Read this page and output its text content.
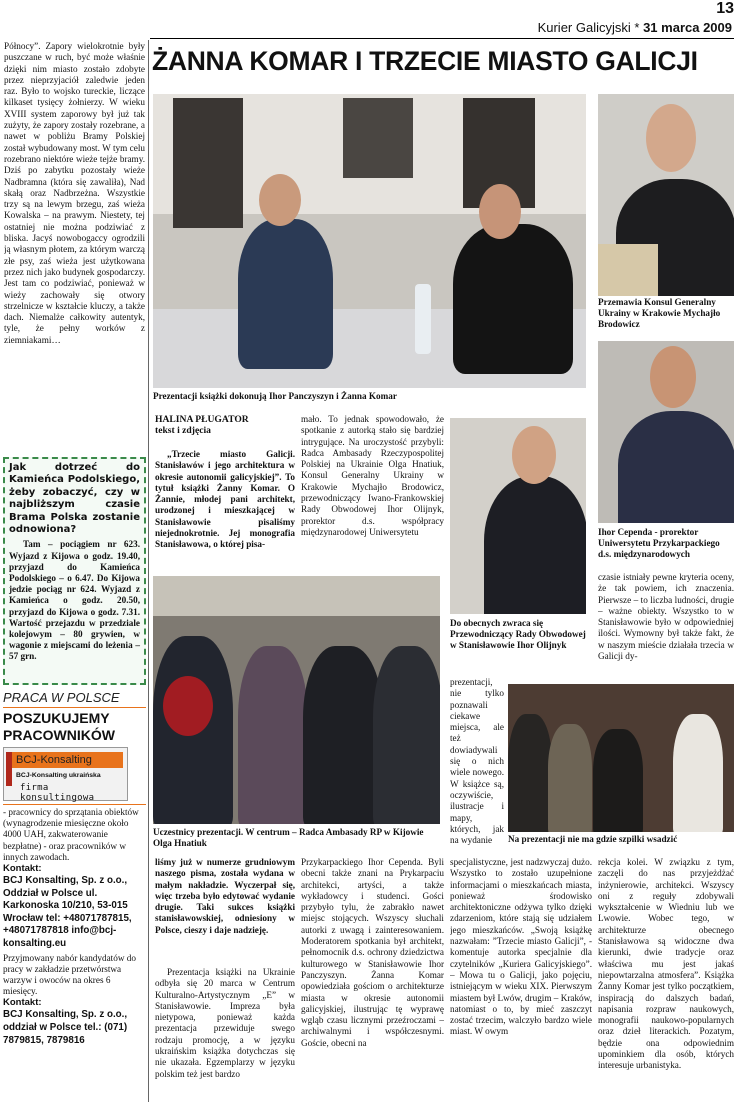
13
Kurier Galicyjski * 31 marca 2009
Północy”. Zapory wielokrotnie były puszczane w ruch, być może właśnie dzięki nim miasto zostało zdobyte przez nieprzyjaciół zaledwie jeden raz. Było to wojsko tureckie, liczące kilkaset tysięcy żołnierzy. W wieku XVIII system zaporowy był już tak zużyty, że zapory zostały rozebrane, a nawet w pobliżu Bramy Polskiej został wybudowany most. W tym celu rozebrano niektóre wieże tejże bramy. Dziś po zabytku pozostały wieże Nadbramna (która się zawaliła), Nad skałą oraz Nadbrzeżna. Wszystkie trzy są na lewym brzegu, zaś wieża Kowalska – na prawym. Niestety, tej ostatniej nie można podziwiać z bliska. Jacyś nowobogaccy ogrodzili ją własnym płotem, za którym warczą złe psy, zaś wieża jest użytkowana przez nich jako budynek gospodarczy. Jest tam co podziwiać, ponieważ w wieży zachowały się otwory strzelnicze w kształcie kluczy, a także dach. Niemalże całkowity autentyk, tyle, że pełny worków z ziemniakami…
Jak dotrzeć do Kamieńca Podolskiego, żeby zobaczyć, czy w najbliższym czasie Brama Polska zostanie odnowiona?
Tam – pociągiem nr 623. Wyjazd z Kijowa o godz. 19.40, przyjazd do Kamieńca Podolskiego – o 6.47. Do Kijowa jedzie pociąg nr 624. Wyjazd z Kamieńca o godz. 20.50, przyjazd do Kijowa o godz. 7.31. Wartość przejazdu w przedziale kolejowym – 80 grywien, w wagonie z miejscami do leżenia – 57 grn.
PRACA W POLSCE
POSZUKUJEMY PRACOWNIKÓW
BCJ-Konsalting
BCJ-Konsalting ukraińska
firma konsultingowa
- pracownicy do sprzątania obiektów (wynagrodzenie miesięczne około 4000 UAH, zakwaterowanie bezpłatne) - oraz pracowników w innych zawodach.
Kontakt:
BCJ Konsalting, Sp. z o.o., Oddział w Polsce ul. Karkonoska 10/210, 53-015 Wrocław tel: +48071787815, +48071787818 info@bcj-konsalting.eu
Przyjmowany nabór kandydatów do pracy w zakładzie przetwórstwa warzyw i owoców na okres 6 miesięcy.
Kontakt:
BCJ Konsalting, Sp. z o.o., oddział w Polsce tel.: (071) 7879815, 7879816
ŻANNA KOMAR I TRZECIE MIASTO GALICJI
Prezentacji książki dokonują Ihor Panczyszyn i Żanna Komar
Przemawia Konsul Generalny Ukrainy w Krakowie Mychajło Brodowicz
Ihor Cependa - prorektor Uniwersytetu Przykarpackiego d.s. międzynarodowych
HALINA PŁUGATOR
tekst i zdjęcia
„Trzecie miasto Galicji. Stanisławów i jego architektura w okresie autonomii galicyjskiej”. To tytuł książki Żanny Komar. O Żannie, młodej pani architekt, urodzonej i mieszkającej w Stanisławowie pisaliśmy niejednokrotnie. Jej monografia Stanisławowa, o której pisa-
mało. To jednak spowodowało, że spotkanie z autorką stało się bardziej intrygujące. Na uroczystość przybyli: Radca Ambasady Rzeczypospolitej Polskiej na Ukrainie Olga Hnatiuk, Konsul Generalny Ukrainy w Krakowie Mychajło Brodowicz, przewodniczący Iwano-Frankowskiej Rady Obwodowej Ihor Olijnyk, prorektor d.s. współpracy międzynarodowej Uniwersytetu
Do obecnych zwraca się Przewodniczący Rady Obwodowej w Stanisławowie Ihor Olijnyk
czasie istniały pewne kryteria oceny, że tak powiem, ich znaczenia. Pierwsze – to liczba ludności, drugie – ważne obiekty. Wszystko to w Stanisławowie było w odpowiedniej ilości. Wymowny był także fakt, że w naszym mieście działała trzecia w Galicji dy-
Uczestnicy prezentacji. W centrum – Radca Ambasady RP w Kijowie Olga Hnatiuk
prezentacji, nie tylko poznawali ciekawe miejsca, ale też dowiadywali się o nich wiele nowego. W książce są, oczywiście, ilustracje i mapy, których, jak na wydanie	Na prezentacji nie ma gdzie szpilki wsadzić
liśmy już w numerze grudniowym naszego pisma, została wydana w małym nakładzie. Wyczerpał się, więc trzeba było edytować wydanie drugie. Taki sukces książki stanisławowskiej, odniesiony w Polsce, cieszy i daje nadzieję.
Prezentacja książki na Ukrainie odbyła się 20 marca w Centrum Kulturalno-Artystycznym „E” w Stanisławowie. Impreza była nietypowa, ponieważ każda prezentacja przewiduje swego rodzaju promocję, a w języku ukraińskim książka dotychczas się nie ukazała. Egzemplarzy w języku polskim też jest bardzo
Przykarpackiego Ihor Cependa. Byli obecni także znani na Prykarpaciu architekci, artyści, a także wykładowcy i studenci. Gości przybyło tylu, że zabrakło nawet miejsc stojących. Wszyscy słuchali autorki z uwagą i zainteresowaniem. Moderatorem spotkania był architekt, pełnomocnik d.s. ochrony dziedzictwa kulturowego w Stanisławowie Ihor Panczyszyn. Żanna Komar opowiedziała gościom o architekturze miasta w okresie autonomii galicyjskiej, ilustrując tę wyprawę wgląb czasu licznymi przeźroczami – archiwalnymi i współczesnymi. Goście, obecni na
specjalistyczne, jest nadzwyczaj dużo. Wszystko to zostało uzupełnione informacjami o mieszkańcach miasta, ponieważ środowisko architektoniczne odżywa tylko dzięki zdarzeniom, które stają się udziałem jego mieszkańców. „Swoją książkę nazwałam: ”Trzecie miasto Galicji”, - komentuje autorka specjalnie dla czytelników „Kuriera Galicyjskiego”. – Mowa tu o Galicji, jako pojęciu, istniejącym w wieku XIX. Pierwszym miastem był Lwów, drugim – Kraków, natomiast o to, by mieć zaszczyt zostać trzecim, walczyło bardzo wiele miast. W owym
rekcja kolei. W związku z tym, zaczęli do nas przyjeżdżać inżynierowie, architekci. Wszyscy oni z reguły zdobywali wykształcenie w Wiedniu lub we Lwowie. Wobec tego, w architekturze obecnego Stanisławowa są widoczne dwa kierunki, dwie tradycje oraz właściwa mu jest jakaś niepowtarzalna atmosfera”. Książka Żanny Komar jest tylko początkiem, inspiracją do dalszych badań, napisania rozpraw naukowych, monografii naukowo-popularnych oraz dzieł literackich. Pozatym, będzie ona odpowiednim upominkiem dla osób, których interesuje urbanistyka.
